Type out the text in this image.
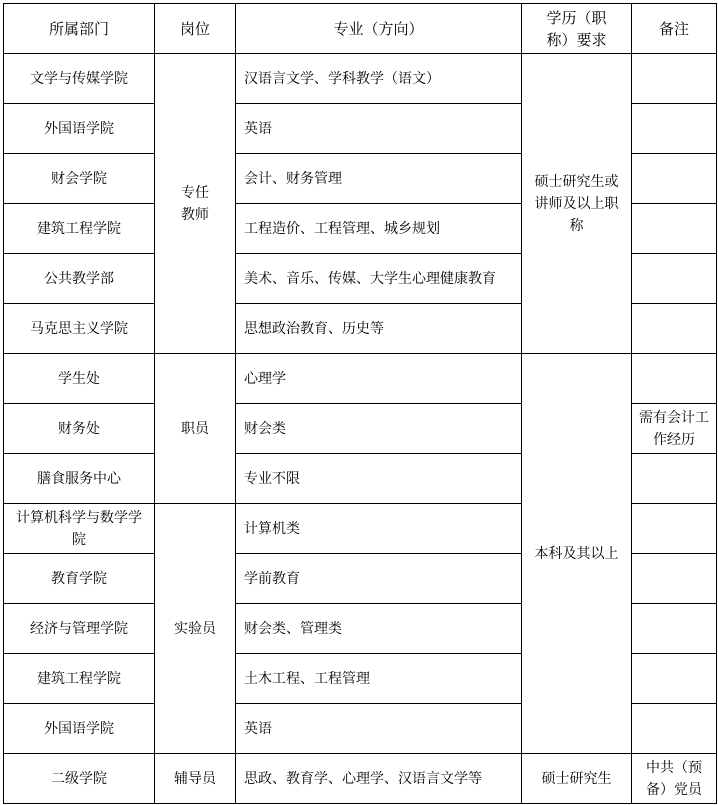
所属部门	岗位	专业（方向）	学历（职称）要求	备注
文学与传媒学院	专任教师	汉语言文学、学科教学（语文）	硕士研究生或讲师及以上职称	
外国语学院		英语		
财会学院		会计、财务管理		
建筑工程学院		工程造价、工程管理、城乡规划		
公共教学部		美术、音乐、传媒、大学生心理健康教育		
马克思主义学院		思想政治教育、历史等		
学生处	职员	心理学	本科及其以上	
财务处		财会类		需有会计工作经历
膳食服务中心		专业不限		
计算机科学与数学学院	实验员	计算机类		
教育学院		学前教育		
经济与管理学院		财会类、管理类		
建筑工程学院		土木工程、工程管理		
外国语学院		英语		
二级学院	辅导员	思政、教育学、心理学、汉语言文学等	硕士研究生	中共（预备）党员
